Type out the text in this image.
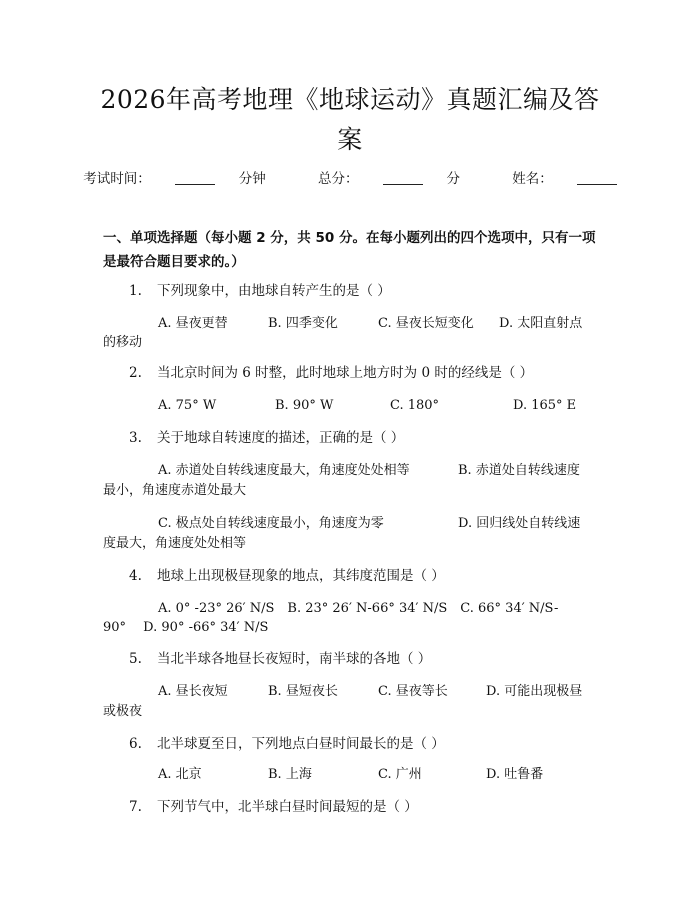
2026年高考地理《地球运动》真题汇编及答案
考试时间：	分钟	总分：	分	姓名：
一、单项选择题（每小题 2 分，共 50 分。在每小题列出的四个选项中，只有一项是最符合题目要求的。）
1. 下列现象中，由地球自转产生的是（ ）
A. 昼夜更替	B. 四季变化	C. 昼夜长短变化 D. 太阳直射点
的移动
2. 当北京时间为 6 时整，此时地球上地方时为 0 时的经线是（ ）
A. 75° W	B. 90° W	C. 180°	D. 165° E
3. 关于地球自转速度的描述，正确的是（ ）
A. 赤道处自转线速度最大，角速度处处相等	B. 赤道处自转线速度
最小，角速度赤道处最大
C. 极点处自转线速度最小，角速度为零	D. 回归线处自转线速
度最大，角速度处处相等
4. 地球上出现极昼现象的地点，其纬度范围是（ ）
A. 0° -23° 26′ N/S　B. 23° 26′ N-66° 34′ N/S　C. 66° 34′ N/S-
90°　 D. 90° -66° 34′ N/S
5. 当北半球各地昼长夜短时，南半球的各地（ ）
A. 昼长夜短	B. 昼短夜长	C. 昼夜等长	D. 可能出现极昼
或极夜
6. 北半球夏至日，下列地点白昼时间最长的是（ ）
A. 北京	B. 上海	C. 广州	D. 吐鲁番
7. 下列节气中，北半球白昼时间最短的是（ ）
